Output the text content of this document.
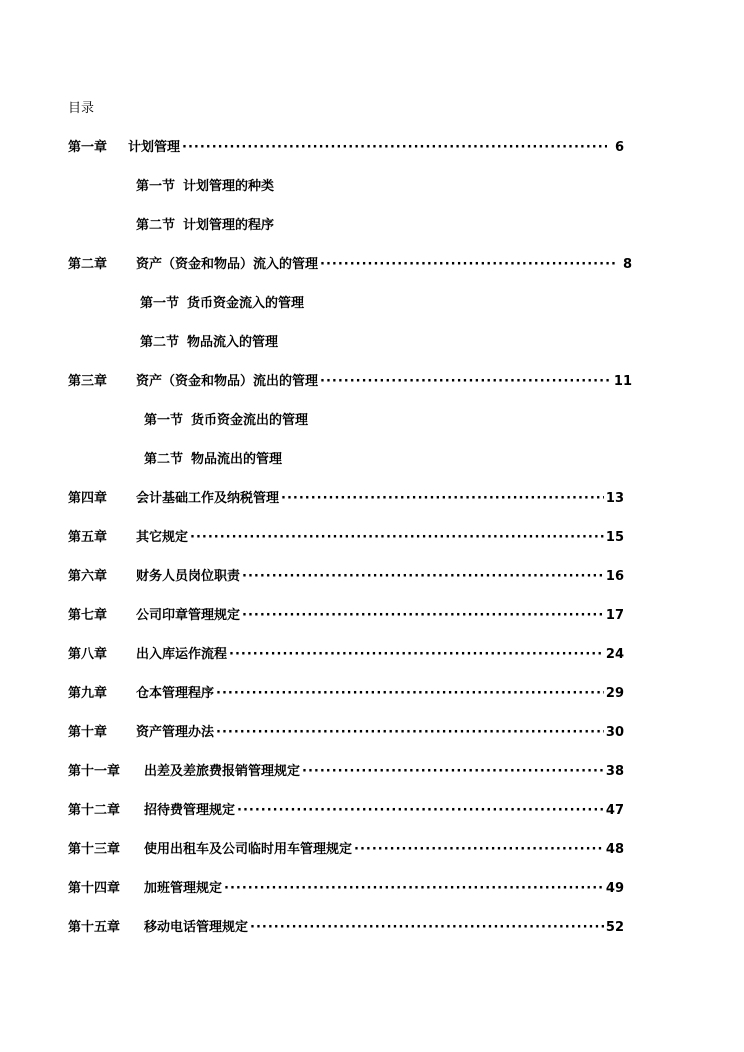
目录
第一章	计划管理 ·····	6
第一节 计划管理的种类
第二节 计划管理的程序
第二章	资产（资金和物品）流入的管理 ·····	8
第一节 货币资金流入的管理
第二节 物品流入的管理
第三章	资产（资金和物品）流出的管理 ·····	11
第一节 货币资金流出的管理
第二节 物品流出的管理
第四章	会计基础工作及纳税管理 ·····	13
第五章	其它规定 ·····	15
第六章	财务人员岗位职责 ·····	16
第七章	公司印章管理规定 ·····	17
第八章	出入库运作流程 ·····	24
第九章	仓本管理程序 ·····	29
第十章	资产管理办法 ·····	30
第十一章	出差及差旅费报销管理规定 ·····	38
第十二章	招待费管理规定 ·····	47
第十三章	使用出租车及公司临时用车管理规定 ·····	48
第十四章	加班管理规定 ·····	49
第十五章	移动电话管理规定 ·····	52
